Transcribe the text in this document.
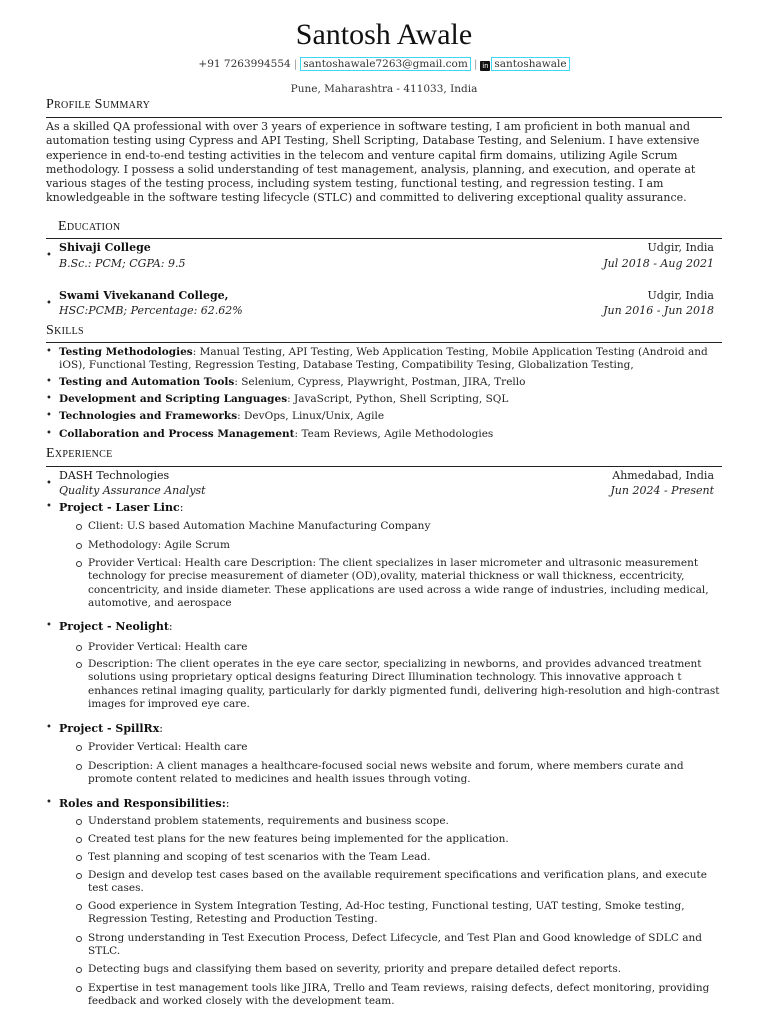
Santosh Awale
+91 7263994554 | santoshawale7263@gmail.com | in santoshawale
Pune, Maharashtra - 411033, India
Profile Summary
As a skilled QA professional with over 3 years of experience in software testing, I am proficient in both manual and automation testing using Cypress and API Testing, Shell Scripting, Database Testing, and Selenium. I have extensive experience in end-to-end testing activities in the telecom and venture capital firm domains, utilizing Agile Scrum methodology. I possess a solid understanding of test management, analysis, planning, and execution, and operate at various stages of the testing process, including system testing, functional testing, and regression testing. I am knowledgeable in the software testing lifecycle (STLC) and committed to delivering exceptional quality assurance.
Education
•
Shivaji College	Udgir, India
B.Sc.: PCM; CGPA: 9.5	Jul 2018 - Aug 2021
•
Swami Vivekanand College,	Udgir, India
HSC:PCMB; Percentage: 62.62%	Jun 2016 - Jun 2018
Skills
• Testing Methodologies: Manual Testing, API Testing, Web Application Testing, Mobile Application Testing (Android and iOS), Functional Testing, Regression Testing, Database Testing, Compatibility Tesing, Globalization Testing,
• Testing and Automation Tools: Selenium, Cypress, Playwright, Postman, JIRA, Trello
• Development and Scripting Languages: JavaScript, Python, Shell Scripting, SQL
• Technologies and Frameworks: DevOps, Linux/Unix, Agile
• Collaboration and Process Management: Team Reviews, Agile Methodologies
Experience
•
DASH Technologies	Ahmedabad, India
Quality Assurance Analyst	Jun 2024 - Present
• Project - Laser Linc:
Client: U.S based Automation Machine Manufacturing Company
Methodology: Agile Scrum
Provider Vertical: Health care Description: The client specializes in laser micrometer and ultrasonic measurement technology for precise measurement of diameter (OD),ovality, material thickness or wall thickness, eccentricity, concentricity, and inside diameter. These applications are used across a wide range of industries, including medical, automotive, and aerospace
• Project - Neolight:
Provider Vertical: Health care
Description: The client operates in the eye care sector, specializing in newborns, and provides advanced treatment solutions using proprietary optical designs featuring Direct Illumination technology. This innovative approach t enhances retinal imaging quality, particularly for darkly pigmented fundi, delivering high-resolution and high-contrast images for improved eye care.
• Project - SpillRx:
Provider Vertical: Health care
Description: A client manages a healthcare-focused social news website and forum, where members curate and promote content related to medicines and health issues through voting.
• Roles and Responsibilities::
Understand problem statements, requirements and business scope.
Created test plans for the new features being implemented for the application.
Test planning and scoping of test scenarios with the Team Lead.
Design and develop test cases based on the available requirement specifications and verification plans, and execute test cases.
Good experience in System Integration Testing, Ad-Hoc testing, Functional testing, UAT testing, Smoke testing, Regression Testing, Retesting and Production Testing.
Strong understanding in Test Execution Process, Defect Lifecycle, and Test Plan and Good knowledge of SDLC and STLC.
Detecting bugs and classifying them based on severity, priority and prepare detailed defect reports.
Expertise in test management tools like JIRA, Trello and Team reviews, raising defects, defect monitoring, providing feedback and worked closely with the development team.
